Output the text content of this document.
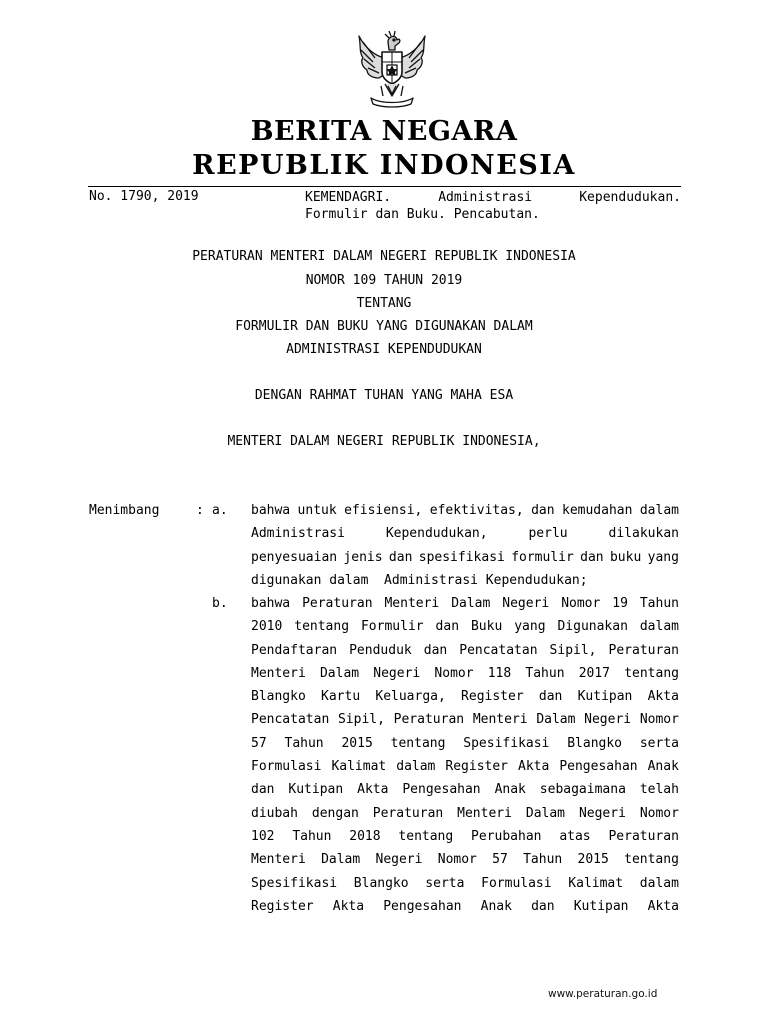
BERITA NEGARA
REPUBLIK INDONESIA
No. 1790, 2019	KEMENDAGRI.	Administrasi	Kependudukan.
Formulir dan Buku. Pencabutan.
PERATURAN MENTERI DALAM NEGERI REPUBLIK INDONESIA
NOMOR 109 TAHUN 2019
TENTANG
FORMULIR DAN BUKU YANG DIGUNAKAN DALAM
ADMINISTRASI KEPENDUDUKAN
DENGAN RAHMAT TUHAN YANG MAHA ESA
MENTERI DALAM NEGERI REPUBLIK INDONESIA,
Menimbang	: a. bahwa untuk efisiensi, efektivitas, dan kemudahan dalam
Administrasi	Kependudukan,	perlu	dilakukan
penyesuaian jenis dan spesifikasi formulir dan buku yang
digunakan dalam  Administrasi Kependudukan;
b. bahwa Peraturan Menteri Dalam Negeri Nomor 19 Tahun
2010 tentang Formulir dan Buku yang Digunakan dalam
Pendaftaran Penduduk dan Pencatatan Sipil, Peraturan
Menteri Dalam Negeri Nomor 118 Tahun 2017 tentang
Blangko Kartu Keluarga, Register dan Kutipan Akta
Pencatatan Sipil, Peraturan Menteri Dalam Negeri Nomor
57 Tahun 2015 tentang Spesifikasi Blangko serta
Formulasi Kalimat dalam Register Akta Pengesahan Anak
dan Kutipan Akta Pengesahan Anak sebagaimana telah
diubah dengan Peraturan Menteri Dalam Negeri Nomor
102 Tahun 2018 tentang Perubahan atas Peraturan
Menteri Dalam Negeri Nomor 57 Tahun 2015 tentang
Spesifikasi Blangko serta Formulasi Kalimat dalam
Register Akta Pengesahan Anak dan Kutipan Akta
www.peraturan.go.id
